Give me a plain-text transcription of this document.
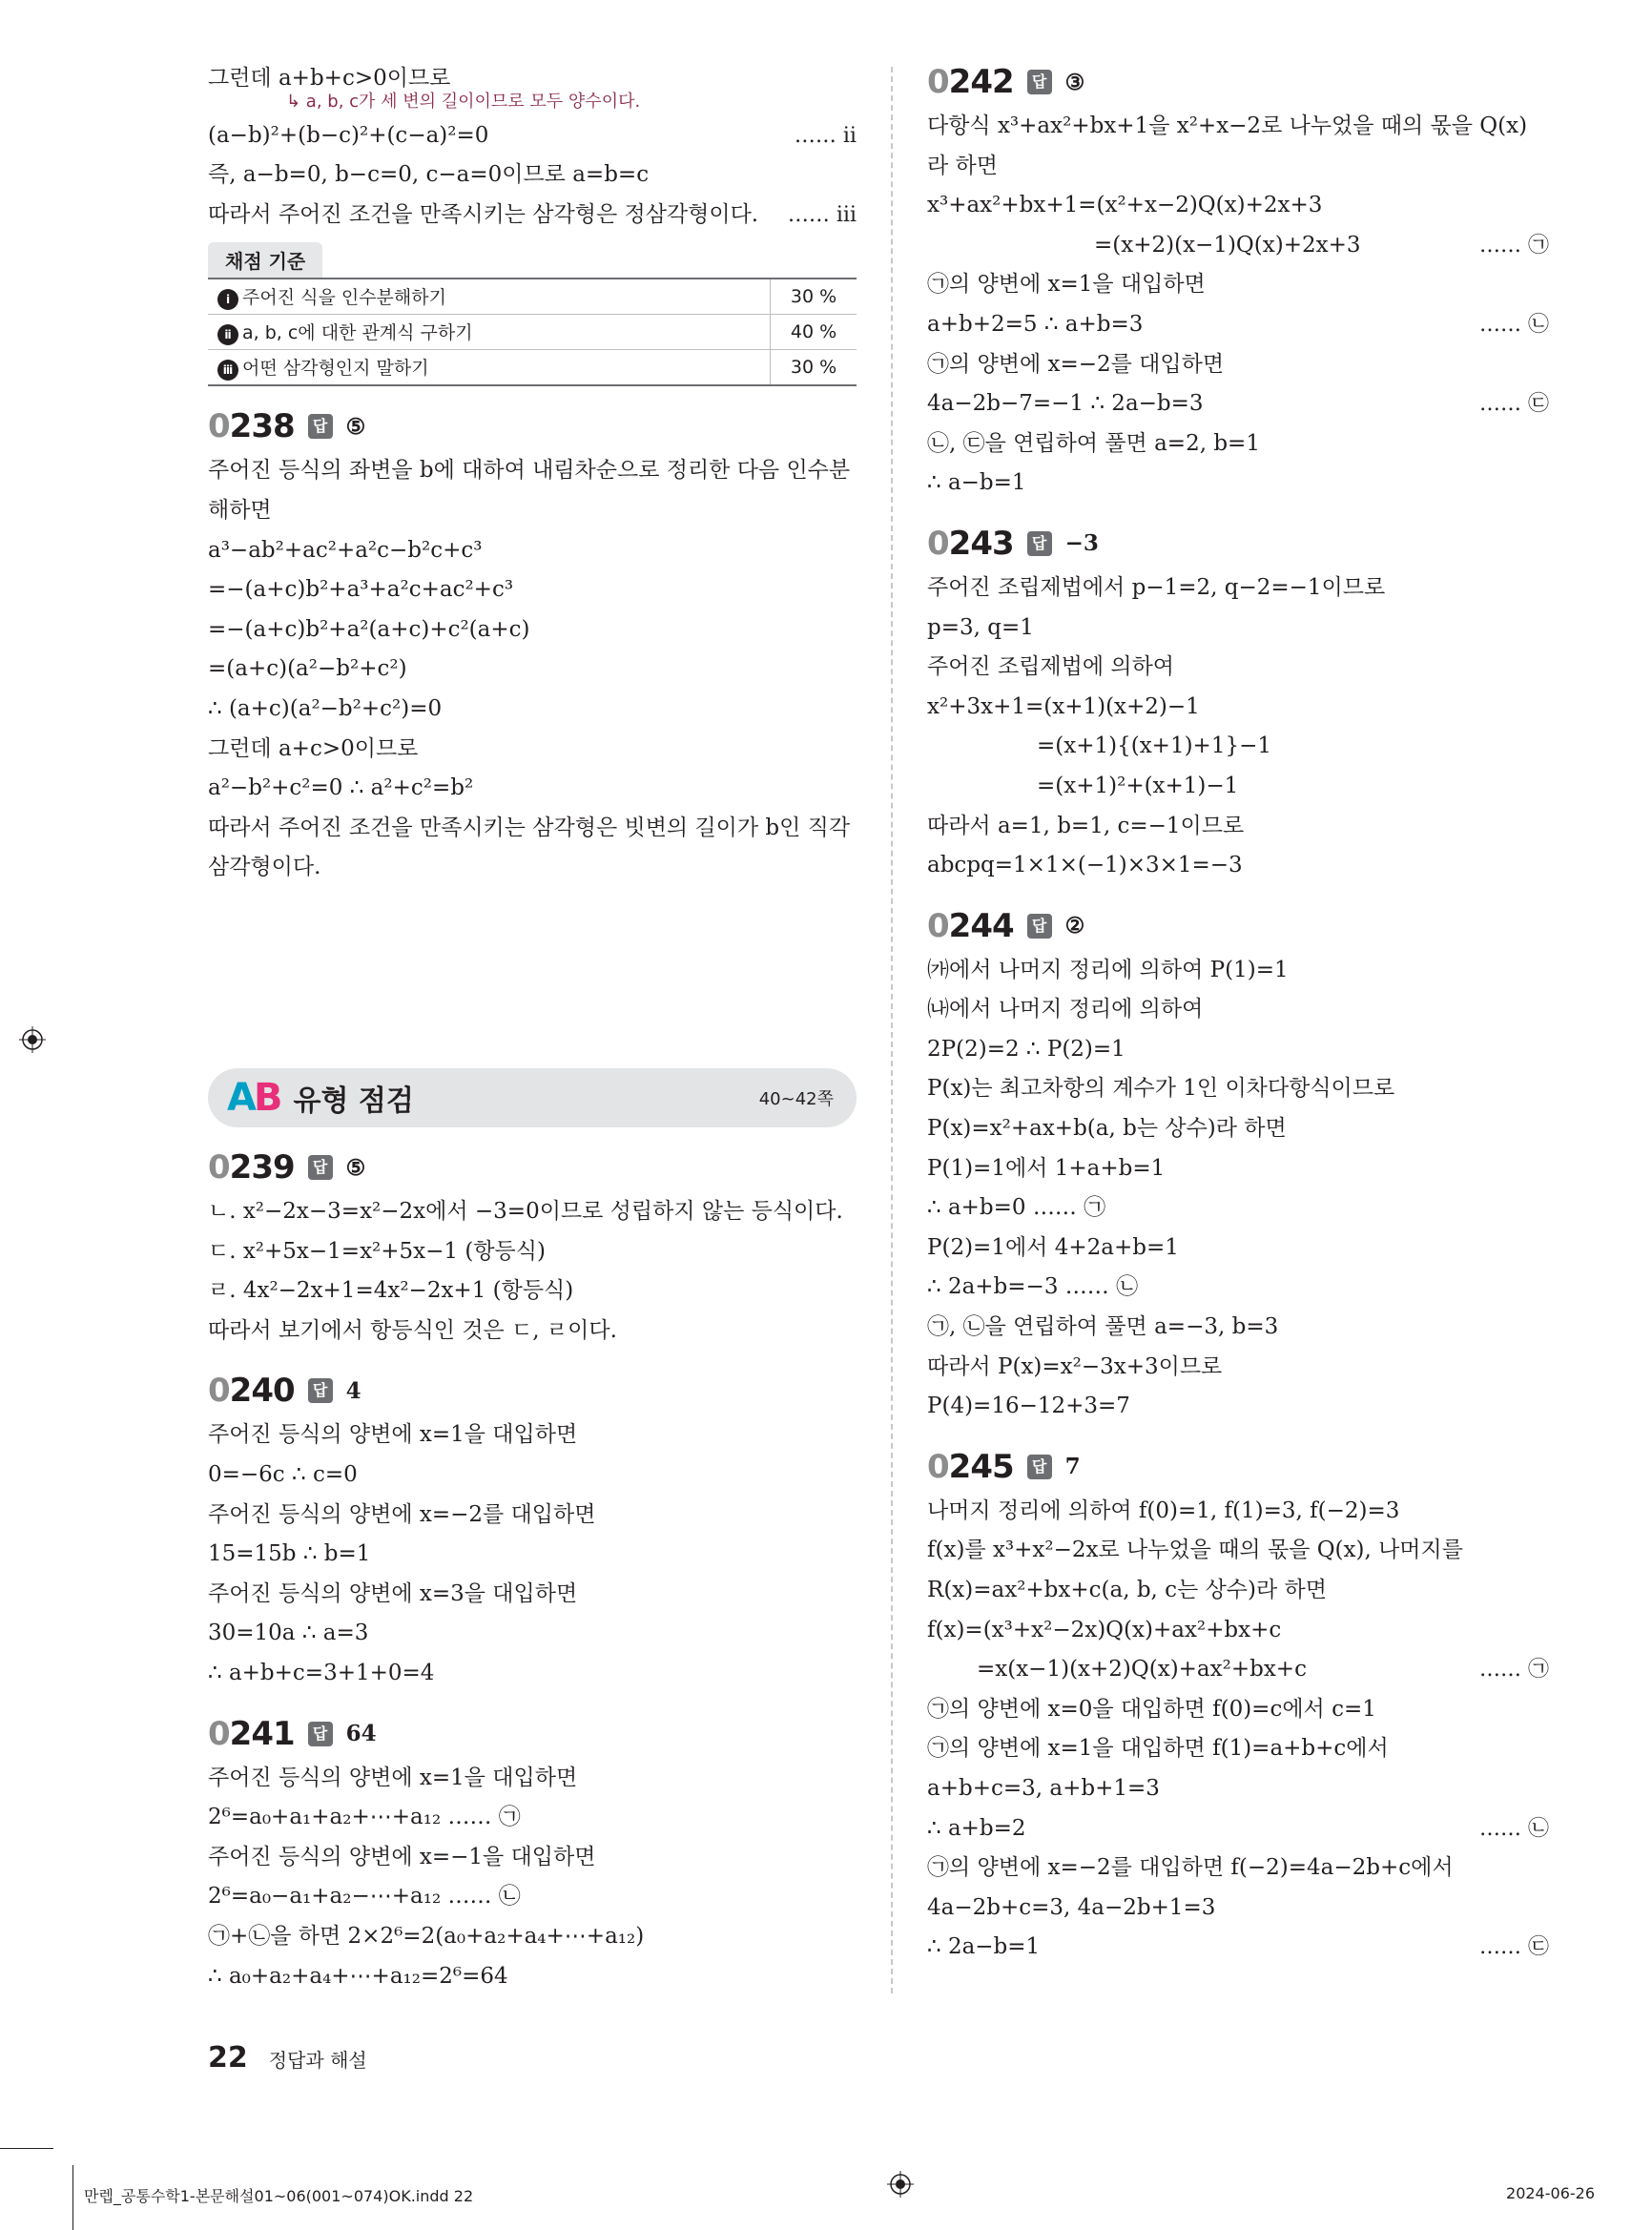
그런데 a+b+c>0이므로
↳ a, b, c가 세 변의 길이이므로 모두 양수이다.
(a−b)²+(b−c)²+(c−a)²=0	…… ⅱ
즉, a−b=0, b−c=0, c−a=0이므로 a=b=c
따라서 주어진 조건을 만족시키는 삼각형은 정삼각형이다. …… ⅲ
채점 기준
ⅰ 주어진 식을 인수분해하기	30 %
ⅱ a, b, c에 대한 관계식 구하기	40 %
ⅲ 어떤 삼각형인지 말하기	30 %
0238	답 ⑤
주어진 등식의 좌변을 b에 대하여 내림차순으로 정리한 다음 인수분
해하면
a³−ab²+ac²+a²c−b²c+c³
=−(a+c)b²+a³+a²c+ac²+c³
=−(a+c)b²+a²(a+c)+c²(a+c)
=(a+c)(a²−b²+c²)
∴ (a+c)(a²−b²+c²)=0
그런데 a+c>0이므로
a²−b²+c²=0 ∴ a²+c²=b²
따라서 주어진 조건을 만족시키는 삼각형은 빗변의 길이가 b인 직각
삼각형이다.
AB 유형 점검	40~42쪽
0239	답 ⑤
ㄴ. x²−2x−3=x²−2x에서 −3=0이므로 성립하지 않는 등식이다.
ㄷ. x²+5x−1=x²+5x−1 (항등식)
ㄹ. 4x²−2x+1=4x²−2x+1 (항등식)
따라서 보기에서 항등식인 것은 ㄷ, ㄹ이다.
0240	답 4
주어진 등식의 양변에 x=1을 대입하면
0=−6c ∴ c=0
주어진 등식의 양변에 x=−2를 대입하면
15=15b ∴ b=1
주어진 등식의 양변에 x=3을 대입하면
30=10a ∴ a=3
∴ a+b+c=3+1+0=4
0241	답 64
주어진 등식의 양변에 x=1을 대입하면
2⁶=a₀+a₁+a₂+⋯+a₁₂ …… ㉠
주어진 등식의 양변에 x=−1을 대입하면
2⁶=a₀−a₁+a₂−⋯+a₁₂ …… ㉡
㉠+㉡을 하면 2×2⁶=2(a₀+a₂+a₄+⋯+a₁₂)
∴ a₀+a₂+a₄+⋯+a₁₂=2⁶=64
0242	답 ③
다항식 x³+ax²+bx+1을 x²+x−2로 나누었을 때의 몫을 Q(x)
라 하면
x³+ax²+bx+1=(x²+x−2)Q(x)+2x+3
=(x+2)(x−1)Q(x)+2x+3	…… ㉠
㉠의 양변에 x=1을 대입하면
a+b+2=5 ∴ a+b=3	…… ㉡
㉠의 양변에 x=−2를 대입하면
4a−2b−7=−1 ∴ 2a−b=3	…… ㉢
㉡, ㉢을 연립하여 풀면 a=2, b=1
∴ a−b=1
0243	답 −3
주어진 조립제법에서 p−1=2, q−2=−1이므로
p=3, q=1
주어진 조립제법에 의하여
x²+3x+1=(x+1)(x+2)−1
=(x+1){(x+1)+1}−1
=(x+1)²+(x+1)−1
따라서 a=1, b=1, c=−1이므로
abcpq=1×1×(−1)×3×1=−3
0244	답 ②
㈎에서 나머지 정리에 의하여 P(1)=1
㈏에서 나머지 정리에 의하여
2P(2)=2 ∴ P(2)=1
P(x)는 최고차항의 계수가 1인 이차다항식이므로
P(x)=x²+ax+b(a, b는 상수)라 하면
P(1)=1에서 1+a+b=1
∴ a+b=0 …… ㉠
P(2)=1에서 4+2a+b=1
∴ 2a+b=−3 …… ㉡
㉠, ㉡을 연립하여 풀면 a=−3, b=3
따라서 P(x)=x²−3x+3이므로
P(4)=16−12+3=7
0245	답 7
나머지 정리에 의하여 f(0)=1, f(1)=3, f(−2)=3
f(x)를 x³+x²−2x로 나누었을 때의 몫을 Q(x), 나머지를
R(x)=ax²+bx+c(a, b, c는 상수)라 하면
f(x)=(x³+x²−2x)Q(x)+ax²+bx+c
=x(x−1)(x+2)Q(x)+ax²+bx+c	…… ㉠
㉠의 양변에 x=0을 대입하면 f(0)=c에서 c=1
㉠의 양변에 x=1을 대입하면 f(1)=a+b+c에서
a+b+c=3, a+b+1=3
∴ a+b=2	…… ㉡
㉠의 양변에 x=−2를 대입하면 f(−2)=4a−2b+c에서
4a−2b+c=3, 4a−2b+1=3
∴ 2a−b=1	…… ㉢
22 정답과 해설
만렙_공통수학1-본문해설01~06(001~074)OK.indd 22	2024-06-26
